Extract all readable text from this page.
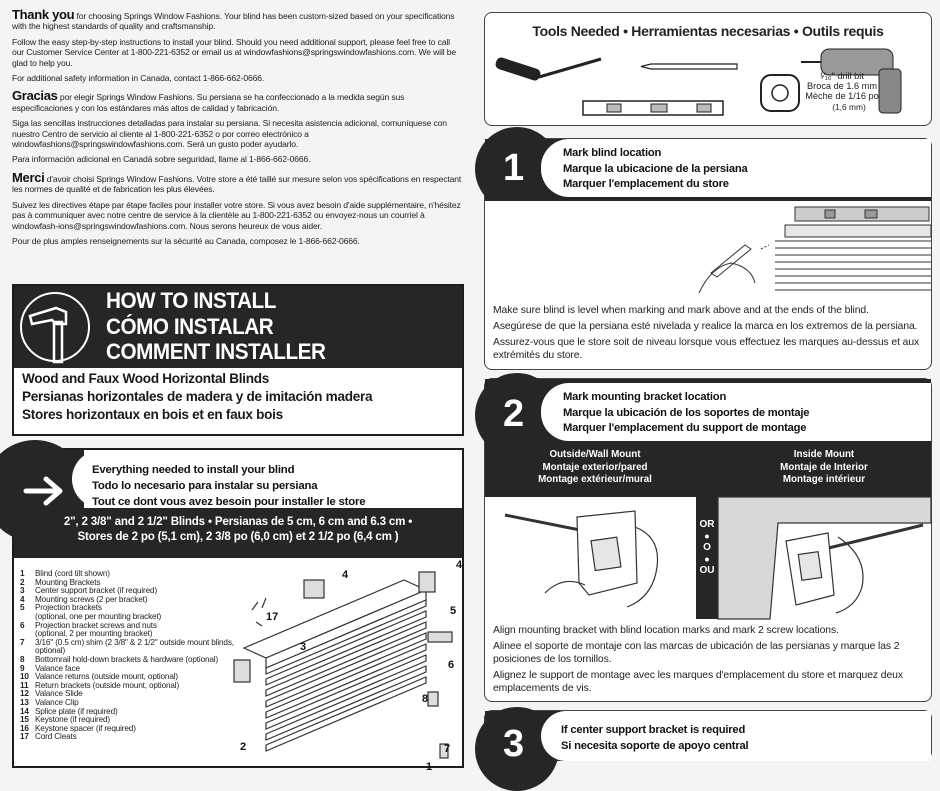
Thank you for choosing Springs Window Fashions. Your blind has been custom-sized based on your specifications with the highest standards of quality and craftsmanship.

Follow the easy step-by-step instructions to install your blind. Should you need additional support, please feel free to call our Customer Service Center at 1-800-221-6352 or email us at windowfashions@springswindowfashions.com. We will be glad to help you.

For additional safety information in Canada, contact 1-866-662-0666.

Gracias por elegir Springs Window Fashions. Su persiana se ha confeccionado a la medida según sus especificaciones y con los estándares más altos de calidad y fabricación.

Siga las sencillas instrucciones detalladas para instalar su persiana. Si necesita asistencia adicional, comuníquese con nuestro Centro de servicio al cliente al 1-800-221-6352 o por correo electrónico a windowfashions@springswindowfashions.com. Será un gusto poder ayudarlo.

Para información adicional en Canadá sobre seguridad, llame al 1-866-662-0666.

Merci d'avoir choisi Springs Window Fashions. Votre store a été taillé sur mesure selon vos spécifications en respectant les normes de qualité et de fabrication les plus élevées.

Suivez les directives étape par étape faciles pour installer votre store. Si vous avez besoin d'aide supplémentaire, n'hésitez pas à communiquer avec notre centre de service à la clientèle au 1-800-221-6352 ou envoyez-nous un courriel à windowfash-ions@springswindowfashions.com. Nous serons heureux de vous aider.

Pour de plus amples renseignements sur la sécurité au Canada, composez le 1-866-662-0666.

HOW TO INSTALL
CÓMO INSTALAR
COMMENT INSTALLER
Wood and Faux Wood Horizontal Blinds
Persianas horizontales de madera y de imitación madera
Stores horizontaux en bois et en faux bois
Everything needed to install your blind
Todo lo necesario para instalar su persiana
Tout ce dont vous avez besoin pour installer le store
2", 2 3/8" and 2 1/2" Blinds • Persianas de 5 cm, 6 cm and 6.3 cm •
Stores de 2 po (5,1 cm), 2 3/8 po (6,0 cm) et 2 1/2 po (6,4 cm )
1	Blind (cord tilt shown)
2	Mounting Brackets
3	Center support bracket (if required)
4	Mounting screws (2 per bracket)
5	Projection brackets
(optional, one per mounting bracket)
6	Projection bracket screws and nuts
(optional, 2 per mounting bracket)
7	3/16" (0.5 cm) shim (2 3/8" & 2 1/2" outside mount blinds, optional)
8	Bottomrail hold-down brackets & hardware (optional)
9	Valance face
10 Valance returns (outside mount, optional)
11 Return brackets (outside mount, optional)
12 Valance Slide
13 Valance Clip
14 Splice plate (if required)
15 Keystone (if required)
16 Keystone spacer (if required)
17 Cord Cleats
17
4
3
5
4
6
8
2	7
1
Tools Needed • Herramientas necesarias • Outils requis
¹⁄₁₆" drill bit
Broca de 1.6 mm
Mèche de 1/16 po
(1,6 mm)
1	Mark blind location
Marque la ubicacione de la persiana
Marquer l'emplacement du store

Make sure blind is level when marking and mark above and at the ends of the blind.

Asegúrese de que la persiana esté nivelada y realice la marca en los extremos de la persiana.

Assurez-vous que le store soit de niveau lorsque vous effectuez les marques au-dessus et aux extrémités du store.

2	Mark mounting bracket location
Marque la ubicación de los soportes de montaje
Marquer l'emplacement du support de montage
Outside/Wall Mount
Montaje exterior/pared
Montage extérieur/mural
Inside Mount
Montaje de Interior
Montage intérieur
OR
•
O
•
OU

Align mounting bracket with blind location marks and mark 2 screw locations.

Alinee el soporte de montaje con las marcas de ubicación de las persianas y marque las 2 posiciones de los tornillos.

Alignez le support de montage avec les marques d'emplacement du store et marquez deux emplacements de vis.

3	If center support bracket is required
Si necesita soporte de apoyo central
